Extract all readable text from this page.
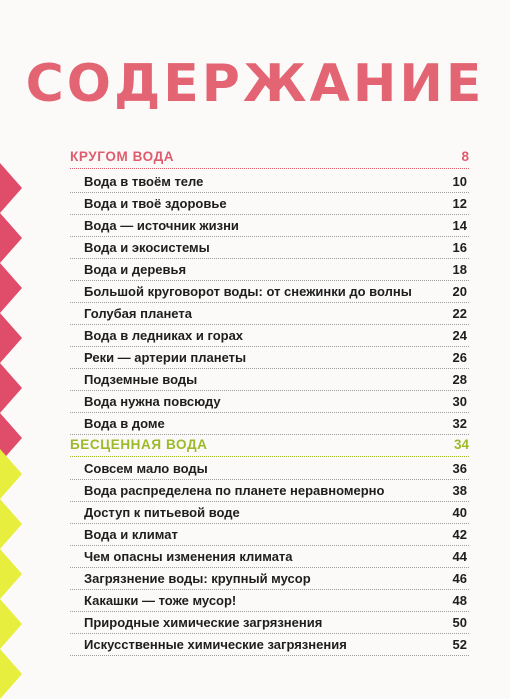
СОДЕРЖАНИЕ
КРУГОМ ВОДА	8
Вода в твоём теле	10
Вода и твоё здоровье	12
Вода — источник жизни	14
Вода и экосистемы	16
Вода и деревья	18
Большой круговорот воды: от снежинки до волны	20
Голубая планета	22
Вода в ледниках и горах	24
Реки — артерии планеты	26
Подземные воды	28
Вода нужна повсюду	30
Вода в доме	32
БЕСЦЕННАЯ ВОДА	34
Совсем мало воды	36
Вода распределена по планете неравномерно	38
Доступ к питьевой воде	40
Вода и климат	42
Чем опасны изменения климата	44
Загрязнение воды: крупный мусор	46
Какашки — тоже мусор!	48
Природные химические загрязнения	50
Искусственные химические загрязнения	52
